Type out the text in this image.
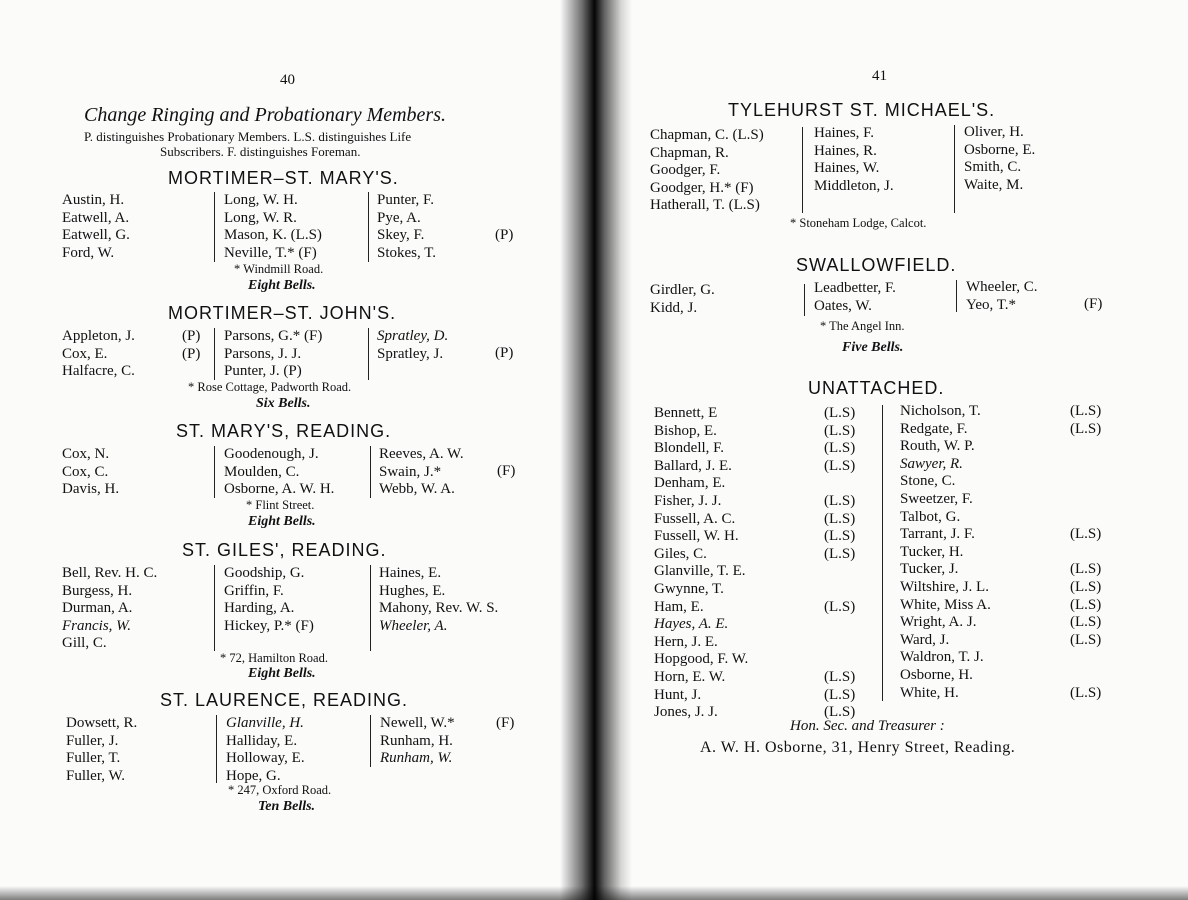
40
Change Ringing and Probationary Members.
P. distinguishes Probationary Members. L.S. distinguishes Life
Subscribers. F. distinguishes Foreman.
MORTIMER–ST. MARY'S.
Austin, H.
Eatwell, A.
Eatwell, G.
Ford, W.
Long, W. H.
Long, W. R.
Mason, K. (L.S)
Neville, T.* (F)
Punter, F.
Pye, A.
Skey, F.
Stokes, T.
(P)
* Windmill Road.
Eight Bells.
MORTIMER–ST. JOHN'S.
Appleton, J.
Cox, E.
Halfacre, C.
(P)
(P)
Parsons, G.* (F)
Parsons, J. J.
Punter, J. (P)
Spratley, D.
Spratley, J.	(P)
* Rose Cottage, Padworth Road.
Six Bells.
ST. MARY'S, READING.
Cox, N.
Cox, C.
Davis, H.
Goodenough, J.
Moulden, C.
Osborne, A. W. H.
Reeves, A. W.
Swain, J.*
Webb, W. A.
(F)
* Flint Street.
Eight Bells.
ST. GILES', READING.
Bell, Rev. H. C.
Burgess, H.
Durman, A.
Francis, W.
Gill, C.
Goodship, G.
Griffin, F.
Harding, A.
Hickey, P.* (F)
Haines, E.
Hughes, E.
Mahony, Rev. W. S.
Wheeler, A.
* 72, Hamilton Road.
Eight Bells.
ST. LAURENCE, READING.
Dowsett, R.
Fuller, J.
Fuller, T.
Fuller, W.
Glanville, H.
Halliday, E.
Holloway, E.
Hope, G.
Newell, W.*
Runham, H.
Runham, W.
(F)
* 247, Oxford Road.
Ten Bells.
41
TYLEHURST ST. MICHAEL'S.
Chapman, C. (L.S)
Chapman, R.
Goodger, F.
Goodger, H.* (F)
Hatherall, T. (L.S)
Haines, F.
Haines, R.
Haines, W.
Middleton, J.
Oliver, H.
Osborne, E.
Smith, C.
Waite, M.
* Stoneham Lodge, Calcot.
SWALLOWFIELD.
Girdler, G.
Kidd, J.
Leadbetter, F.
Oates, W.
Wheeler, C.
Yeo, T.*	(F)
* The Angel Inn.
Five Bells.
UNATTACHED.
Bennett, E
Bishop, E.
Blondell, F.
Ballard, J. E.
Denham, E.
Fisher, J. J.
Fussell, A. C.
Fussell, W. H.
Giles, C.
Glanville, T. E.
Gwynne, T.
Ham, E.
Hayes, A. E.
Hern, J. E.
Hopgood, F. W.
Horn, E. W.
Hunt, J.
Jones, J. J.
(L.S)
(L.S)
(L.S)
(L.S)

(L.S)
(L.S)
(L.S)
(L.S)

(L.S)

(L.S)
(L.S)
(L.S)
Nicholson, T.
Redgate, F.
Routh, W. P.
Sawyer, R.
Stone, C.
Sweetzer, F.
Talbot, G.
Tarrant, J. F.
Tucker, H.
Tucker, J.
Wiltshire, J. L.
White, Miss A.
Wright, A. J.
Ward, J.
Waldron, T. J.
Osborne, H.
White, H.
(L.S)
(L.S)

(L.S)

(L.S)
(L.S)
(L.S)
(L.S)
(L.S)

(L.S)
Hon. Sec. and Treasurer :
A. W. H. Osborne, 31, Henry Street, Reading.
